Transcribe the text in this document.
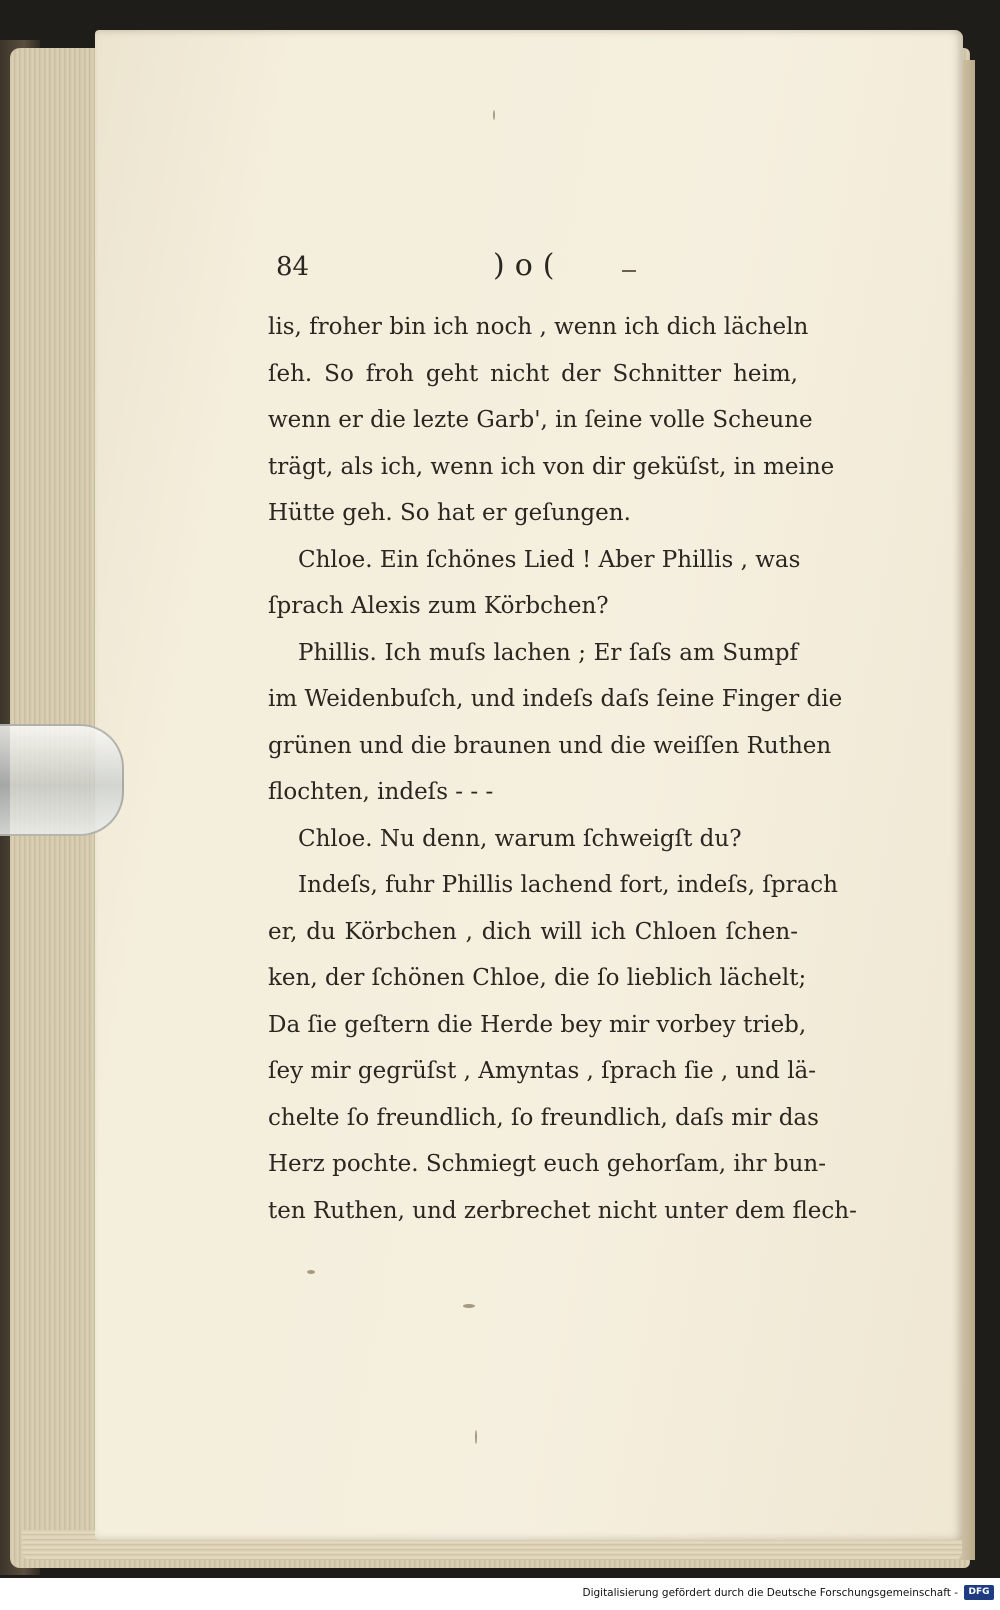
84	)o(
lis, froher bin ich noch , wenn ich dich lächeln
ſeh. So froh geht nicht der Schnitter heim,
wenn er die lezte Garb', in ſeine volle Scheune
trägt, als ich, wenn ich von dir geküſst, in meine
Hütte geh. So hat er geſungen.
Chloe. Ein ſchönes Lied ! Aber Phillis , was
ſprach Alexis zum Körbchen?
Phillis. Ich muſs lachen ; Er ſaſs am Sumpf
im Weidenbuſch, und indeſs daſs ſeine Finger die
grünen und die braunen und die weiſſen Ruthen
flochten, indeſs - - -
Chloe. Nu denn, warum ſchweigſt du?
Indeſs, fuhr Phillis lachend fort, indeſs, ſprach
er, du Körbchen , dich will ich Chloen ſchen-
ken, der ſchönen Chloe, die ſo lieblich lächelt;
Da ſie geſtern die Herde bey mir vorbey trieb,
ſey mir gegrüſst , Amyntas , ſprach ſie , und lä-
chelte ſo freundlich, ſo freundlich, daſs mir das
Herz pochte. Schmiegt euch gehorſam, ihr bun-
ten Ruthen, und zerbrechet nicht unter dem flech-
Digitalisierung gefördert durch die Deutsche Forschungsgemeinschaft -	DFG
